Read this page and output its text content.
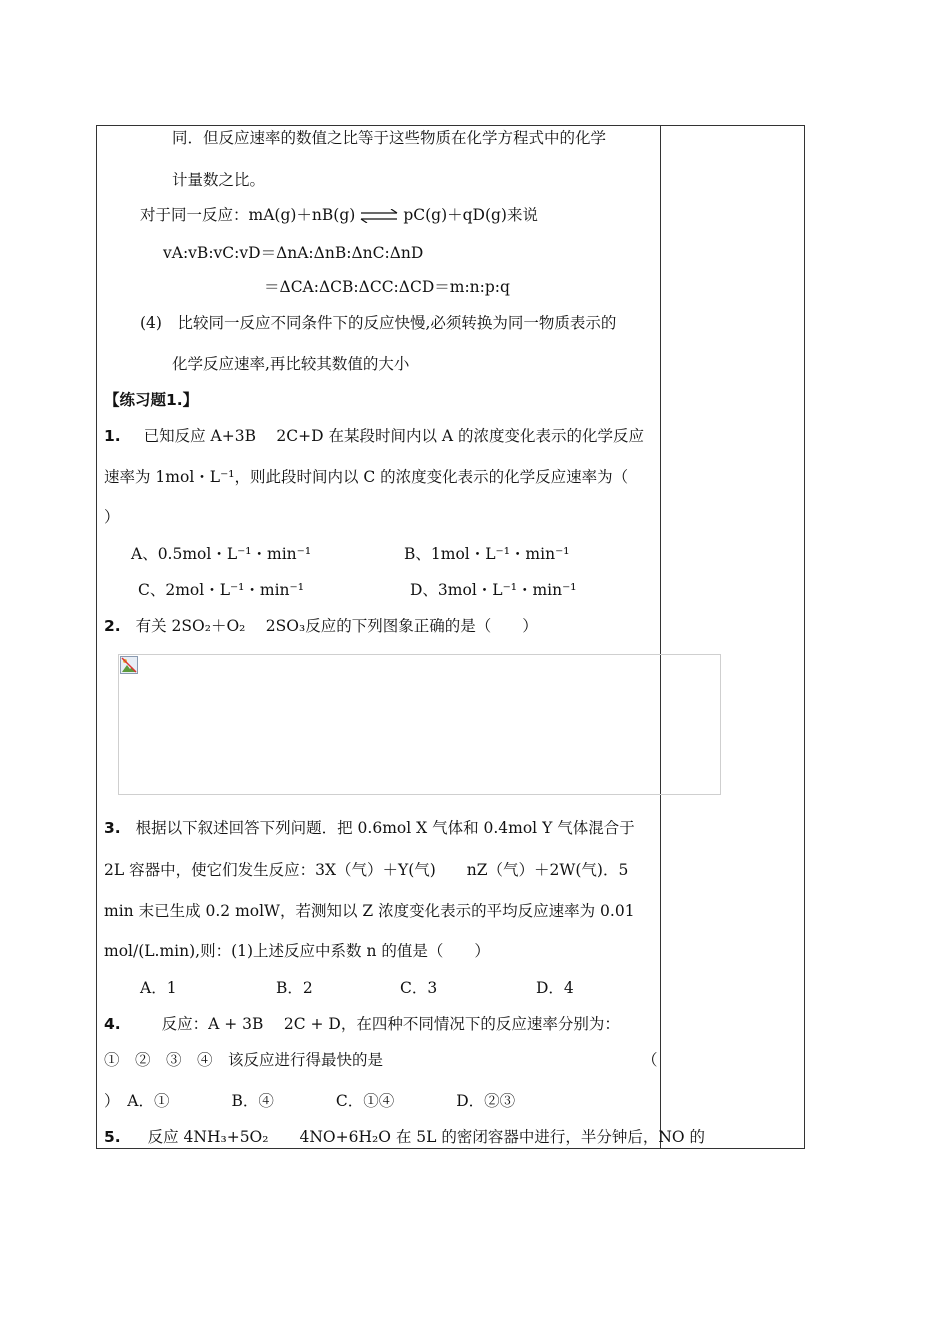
同．但反应速率的数值之比等于这些物质在化学方程式中的化学
计量数之比。
对于同一反应：mA(g)＋nB(g) ⇌ pC(g)＋qD(g)来说
vA:vB:vC:vD＝ΔnA:ΔnB:ΔnC:ΔnD
＝ΔCA:ΔCB:ΔCC:ΔCD＝m:n:p:q
(4)　比较同一反应不同条件下的反应快慢,必须转换为同一物质表示的
化学反应速率,再比较其数值的大小
【练习题1.】
1. 已知反应 A+3B　 2C+D 在某段时间内以 A 的浓度变化表示的化学反应
速率为 1mol・L⁻¹，则此段时间内以 C 的浓度变化表示的化学反应速率为（
）
A、0.5mol・L⁻¹・min⁻¹	B、1mol・L⁻¹・min⁻¹
C、2mol・L⁻¹・min⁻¹	D、3mol・L⁻¹・min⁻¹
2. 有关 2SO₂＋O₂　 2SO₃反应的下列图象正确的是（　　）
3. 根据以下叙述回答下列问题．把 0.6mol X 气体和 0.4mol Y 气体混合于
2L 容器中，使它们发生反应：3X（气）＋Y(气)　　nZ（气）＋2W(气)．5
min 末已生成 0.2 molW，若测知以 Z 浓度变化表示的平均反应速率为 0.01
mol/(L.min),则：(1)上述反应中系数 n 的值是（　　）
A．1	B．2	C．3	D．4
4.	反应：A + 3B　 2C + D，在四种不同情况下的反应速率分别为：
①　②　③　④　该反应进行得最快的是	（
）　A．①　　　　B．④　　　　C．①④　　　　D．②③
5. 反应 4NH₃+5O₂　　4NO+6H₂O 在 5L 的密闭容器中进行，半分钟后，NO 的
